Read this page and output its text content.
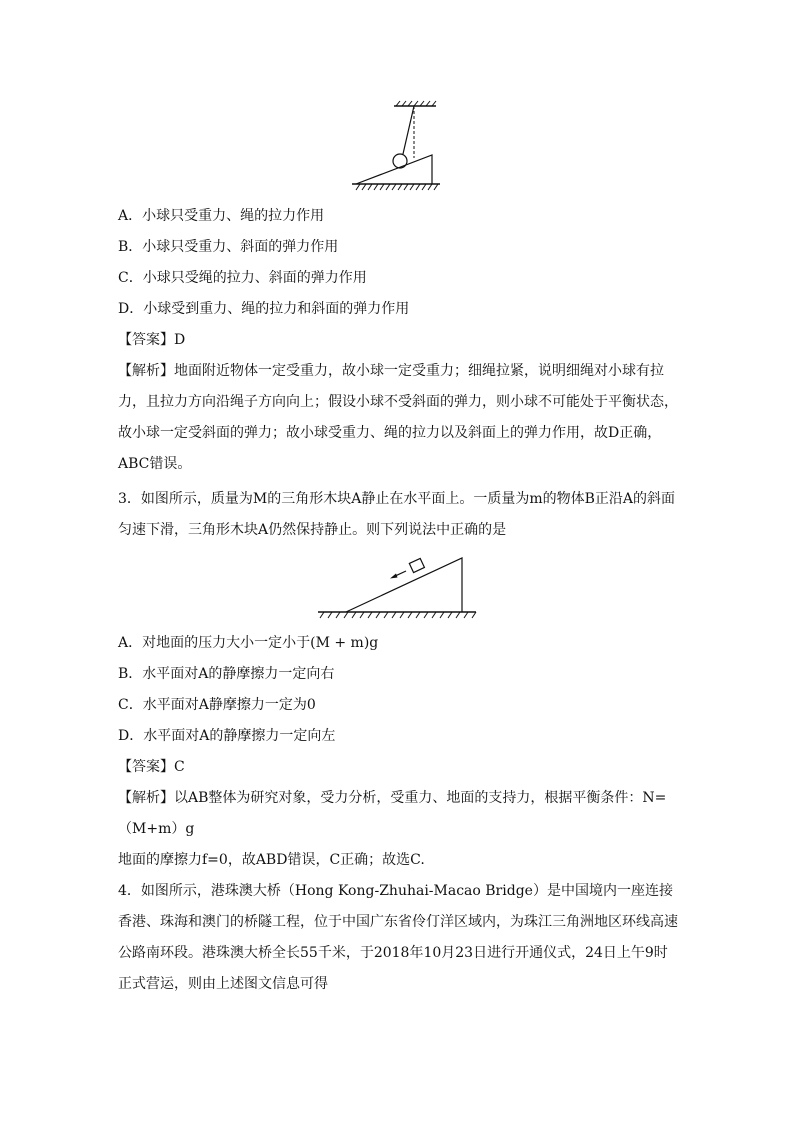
A．小球只受重力、绳的拉力作用
B．小球只受重力、斜面的弹力作用
C．小球只受绳的拉力、斜面的弹力作用
D．小球受到重力、绳的拉力和斜面的弹力作用
【答案】D
【解析】地面附近物体一定受重力，故小球一定受重力；细绳拉紧，说明细绳对小球有拉力，且拉力方向沿绳子方向向上；假设小球不受斜面的弹力，则小球不可能处于平衡状态，故小球一定受斜面的弹力；故小球受重力、绳的拉力以及斜面上的弹力作用，故D正确，ABC错误。
3．如图所示，质量为M的三角形木块A静止在水平面上。一质量为m的物体B正沿A的斜面匀速下滑，三角形木块A仍然保持静止。则下列说法中正确的是
A．对地面的压力大小一定小于(M + m)g
B．水平面对A的静摩擦力一定向右
C．水平面对A静摩擦力一定为0
D．水平面对A的静摩擦力一定向左
【答案】C
【解析】以AB整体为研究对象，受力分析，受重力、地面的支持力，根据平衡条件：N=（M+m）g
地面的摩擦力f=0，故ABD错误，C正确；故选C.
4．如图所示，港珠澳大桥（Hong Kong-Zhuhai-Macao Bridge）是中国境内一座连接香港、珠海和澳门的桥隧工程，位于中国广东省伶仃洋区域内，为珠江三角洲地区环线高速公路南环段。港珠澳大桥全长55千米，于2018年10月23日进行开通仪式，24日上午9时正式营运，则由上述图文信息可得
